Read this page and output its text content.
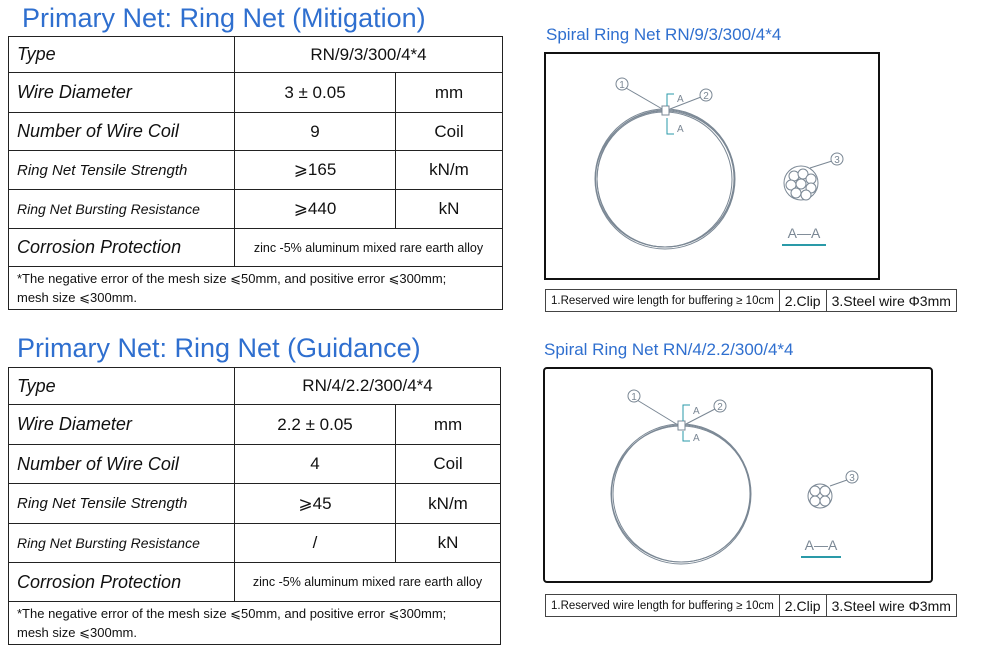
Primary Net: Ring Net (Mitigation)
Type	RN/9/3/300/4*4	
Wire Diameter	3 ± 0.05	mm
Number of Wire Coil	9	Coil
Ring Net Tensile Strength	⩾165	kN/m
Ring Net Bursting Resistance	⩾440	kN
Corrosion Protection	zinc -5% aluminum mixed rare earth alloy	

*The negative error of the mesh size ⩽50mm, and positive error ⩽300mm;
mesh size ⩽300mm.		
Primary Net: Ring Net (Guidance)
Type	RN/4/2.2/300/4*4	
Wire Diameter	2.2 ± 0.05	mm
Number of Wire Coil	4	Coil
Ring Net Tensile Strength	⩾45	kN/m
Ring Net Bursting Resistance	/	kN
Corrosion Protection	zinc -5% aluminum mixed rare earth alloy	

*The negative error of the mesh size ⩽50mm, and positive error ⩽300mm;
mesh size ⩽300mm.		
Spiral Ring Net RN/9/3/300/4*4
1
2
A
A
3
A—A
1.Reserved wire length for buffering ≥ 10cm	2.Clip	3.Steel wire Φ3mm
Spiral Ring Net RN/4/2.2/300/4*4
1
2
A
A
3
A—A
1.Reserved wire length for buffering ≥ 10cm	2.Clip	3.Steel wire Φ3mm
